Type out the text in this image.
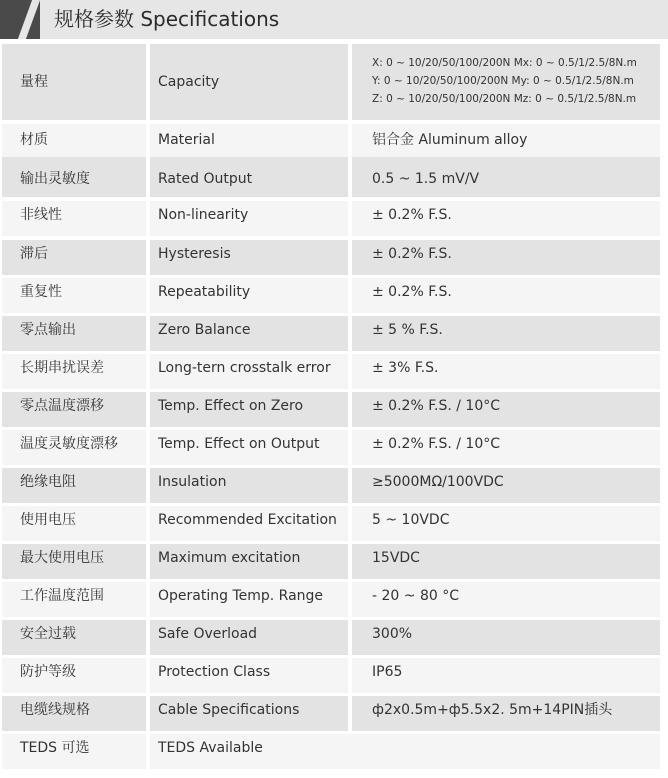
规格参数 Specifications
量程	Capacity
X: 0 ~ 10/20/50/100/200N Mx: 0 ~ 0.5/1/2.5/8N.m
Y: 0 ~ 10/20/50/100/200N My: 0 ~ 0.5/1/2.5/8N.m
Z: 0 ~ 10/20/50/100/200N Mz: 0 ~ 0.5/1/2.5/8N.m
材质	Material	铝合金 Aluminum alloy
输出灵敏度	Rated Output	0.5 ~ 1.5 mV/V
非线性	Non-linearity	± 0.2% F.S.
滞后	Hysteresis	± 0.2% F.S.
重复性	Repeatability	± 0.2% F.S.
零点输出	Zero Balance	± 5 % F.S.
长期串扰误差	Long-tern crosstalk error	± 3% F.S.
零点温度漂移	Temp. Effect on Zero	± 0.2% F.S. / 10°C
温度灵敏度漂移	Temp. Effect on Output	± 0.2% F.S. / 10°C
绝缘电阻	Insulation	≥5000MΩ/100VDC
使用电压	Recommended Excitation	5 ~ 10VDC
最大使用电压	Maximum excitation	15VDC
工作温度范围	Operating Temp. Range	- 20 ~ 80 °C
安全过载	Safe Overload	300%
防护等级	Protection Class	IP65
电缆线规格	Cable Specifications	ф2x0.5m+ф5.5x2. 5m+14PIN插头
TEDS 可选	TEDS Available
